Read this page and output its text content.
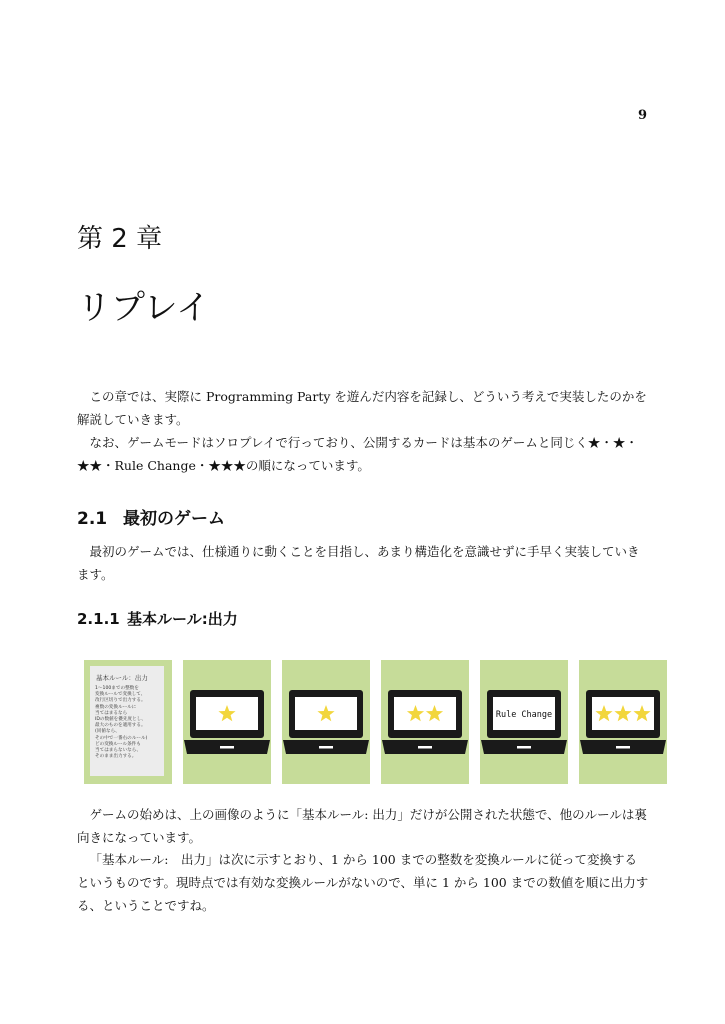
9
第 2 章
リプレイ

この章では、実際に Programming Party を遊んだ内容を記録し、どういう考えで実装したのかを解説していきます。

なお、ゲームモードはソロプレイで行っており、公開するカードは基本のゲームと同じく★・★・★★・Rule Change・★★★の順になっています。

2.1 最初のゲーム

最初のゲームでは、仕様通りに動くことを目指し、あまり構造化を意識せずに手早く実装していきます。

2.1.1 基本ルール:出力
基本ルール：出力
1～100までの整数を
変換ルールで変換して、
改行区切りで出力する。
複数の変換ルールに
当てはまるなら
IDの数値を優先度とし、
最大のものを適用する。
(同値なら、
その中で一番右のルール)
どの変換ルール条件も
当てはまらないなら、
そのまま出力する。
Rule Change

ゲームの始めは、上の画像のように「基本ルール: 出力」だけが公開された状態で、他のルールは裏向きになっています。

「基本ルール:　出力」は次に示すとおり、1 から 100 までの整数を変換ルールに従って変換するというものです。現時点では有効な変換ルールがないので、単に 1 から 100 までの数値を順に出力する、ということですね。
